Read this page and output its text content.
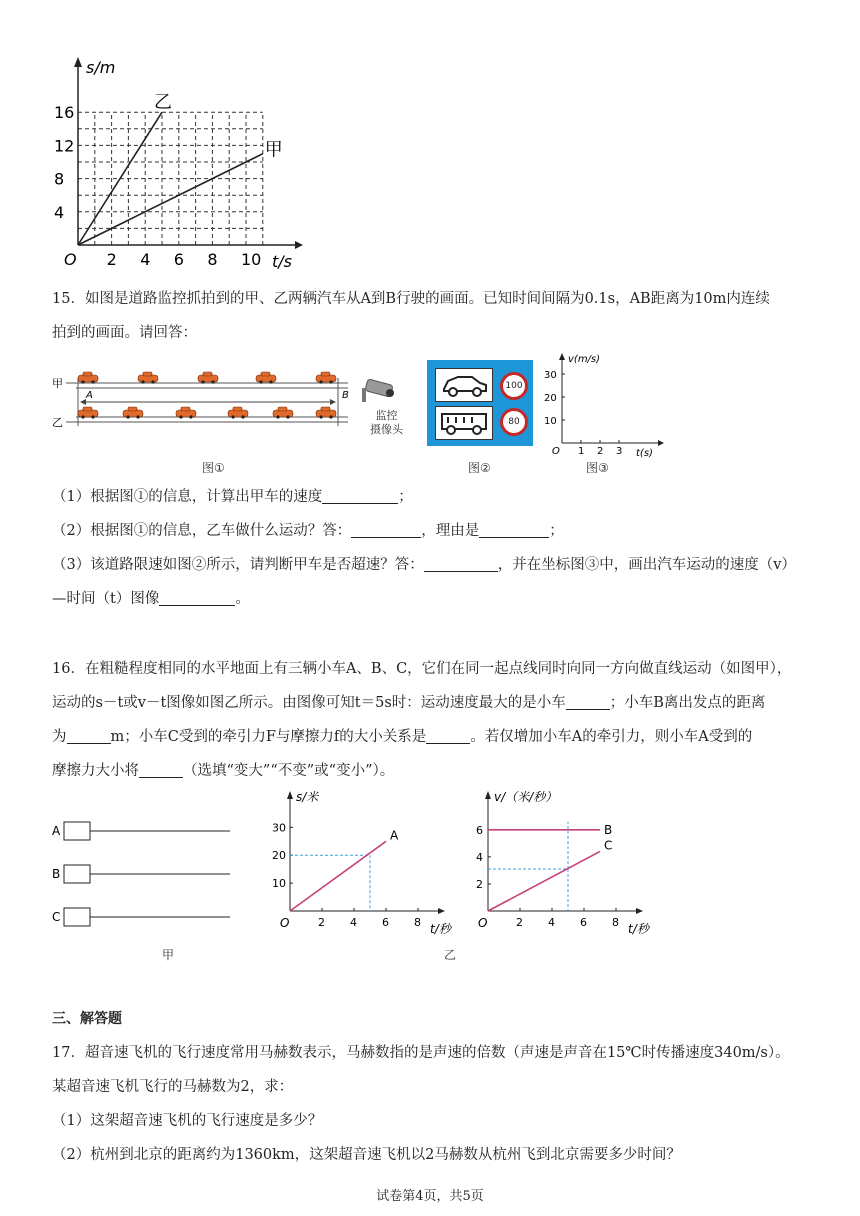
2 4 6 8 10
4
8
12
16	乙
甲
s/m
t/s
O
15．如图是道路监控抓拍到的甲、乙两辆汽车从A到B行驶的画面。已知时间间隔为0.1s，AB距离为10m内连续
拍到的画面。请回答：
甲
乙
A	B
监控
摄像头
图①
100
80
图②
1 2 3
10
20
30
v(m/s)
t(s)
O
图③
（1）根据图①的信息，计算出甲车的速度	；
（2）根据图①的信息，乙车做什么运动？答：	，理由是	；
（3）该道路限速如图②所示，请判断甲车是否超速？答：	，并在坐标图③中，画出汽车运动的速度（v）
—时间（t）图像	。
16．在粗糙程度相同的水平地面上有三辆小车A、B、C，它们在同一起点线同时向同一方向做直线运动（如图甲），
运动的s－t或v－t图像如图乙所示。由图像可知t＝5s时：运动速度最大的是小车	；小车B离出发点的距离
为	m；小车C受到的牵引力F与摩擦力f的大小关系是	。若仅增加小车A的牵引力，则小车A受到的
摩擦力大小将	（选填“变大”“不变”或“变小”）。
A
B
C
甲
s/米
t/秒
O	2 4 6 8
10
20
30
A
v/（米/秒）
t/秒
O	2 4 6 8
2
4
6	B
C
乙
三、解答题
17．超音速飞机的飞行速度常用马赫数表示，马赫数指的是声速的倍数（声速是声音在15℃时传播速度340m/s）。
某超音速飞机飞行的马赫数为2，求：
（1）这架超音速飞机的飞行速度是多少？
（2）杭州到北京的距离约为1360km，这架超音速飞机以2马赫数从杭州飞到北京需要多少时间？
试卷第4页，共5页
